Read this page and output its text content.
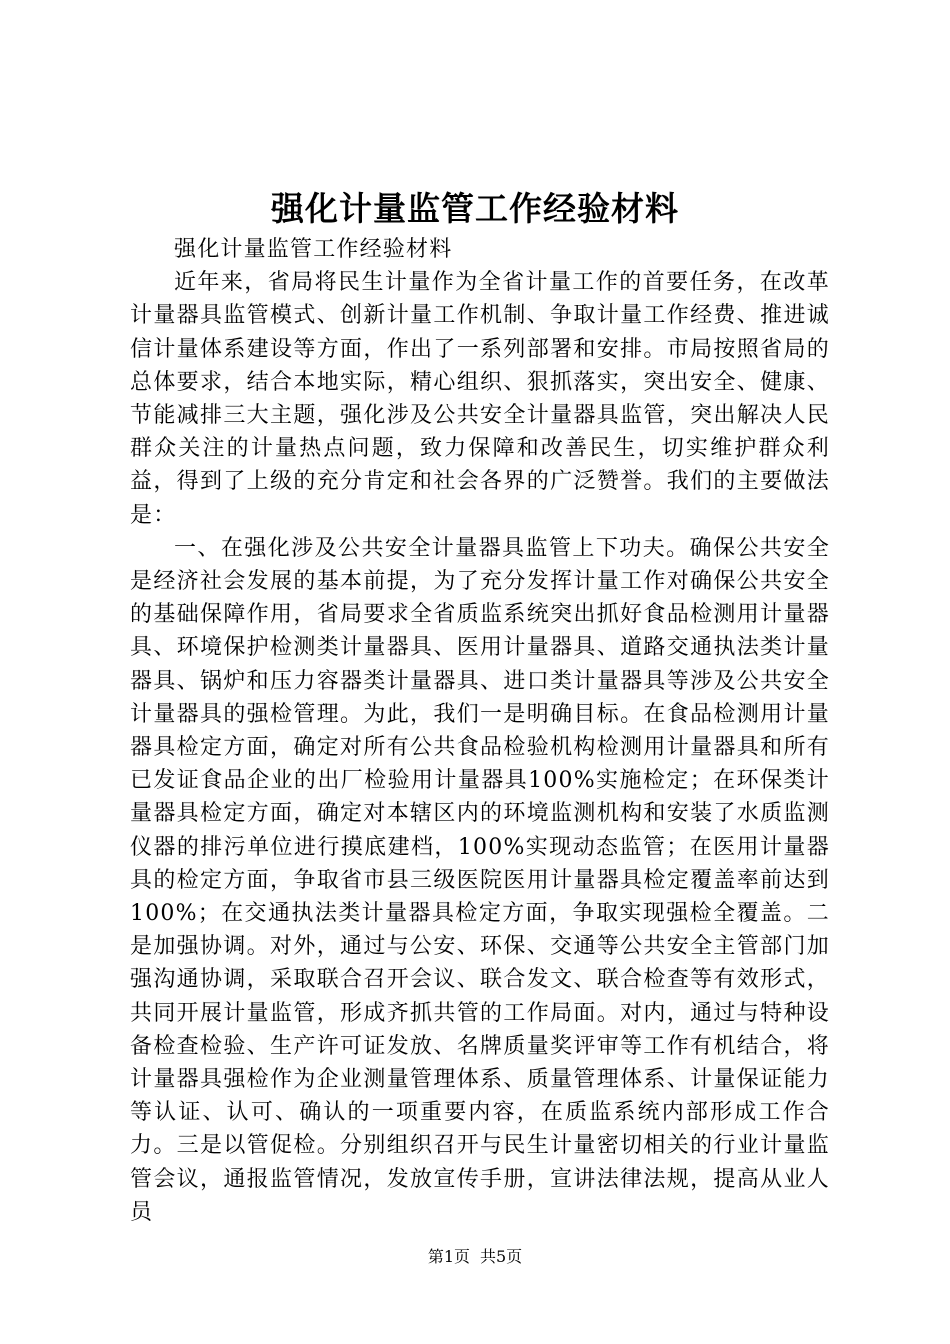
强化计量监管工作经验材料

强化计量监管工作经验材料

近年来，省局将民生计量作为全省计量工作的首要任务，在改革计量器具监管模式、创新计量工作机制、争取计量工作经费、推进诚信计量体系建设等方面，作出了一系列部署和安排。市局按照省局的总体要求，结合本地实际，精心组织、狠抓落实，突出安全、健康、节能减排三大主题，强化涉及公共安全计量器具监管，突出解决人民群众关注的计量热点问题，致力保障和改善民生，切实维护群众利益，得到了上级的充分肯定和社会各界的广泛赞誉。我们的主要做法是：

一、在强化涉及公共安全计量器具监管上下功夫。确保公共安全是经济社会发展的基本前提，为了充分发挥计量工作对确保公共安全的基础保障作用，省局要求全省质监系统突出抓好食品检测用计量器具、环境保护检测类计量器具、医用计量器具、道路交通执法类计量器具、锅炉和压力容器类计量器具、进口类计量器具等涉及公共安全计量器具的强检管理。为此，我们一是明确目标。在食品检测用计量器具检定方面，确定对所有公共食品检验机构检测用计量器具和所有已发证食品企业的出厂检验用计量器具100%实施检定；在环保类计量器具检定方面，确定对本辖区内的环境监测机构和安装了水质监测仪器的排污单位进行摸底建档，100%实现动态监管；在医用计量器具的检定方面，争取省市县三级医院医用计量器具检定覆盖率前达到100%；在交通执法类计量器具检定方面，争取实现强检全覆盖。二是加强协调。对外，通过与公安、环保、交通等公共安全主管部门加强沟通协调，采取联合召开会议、联合发文、联合检查等有效形式，共同开展计量监管，形成齐抓共管的工作局面。对内，通过与特种设备检查检验、生产许可证发放、名牌质量奖评审等工作有机结合，将计量器具强检作为企业测量管理体系、质量管理体系、计量保证能力等认证、认可、确认的一项重要内容，在质监系统内部形成工作合力。三是以管促检。分别组织召开与民生计量密切相关的行业计量监管会议，通报监管情况，发放宣传手册，宣讲法律法规，提高从业人员

第1页 共5页
